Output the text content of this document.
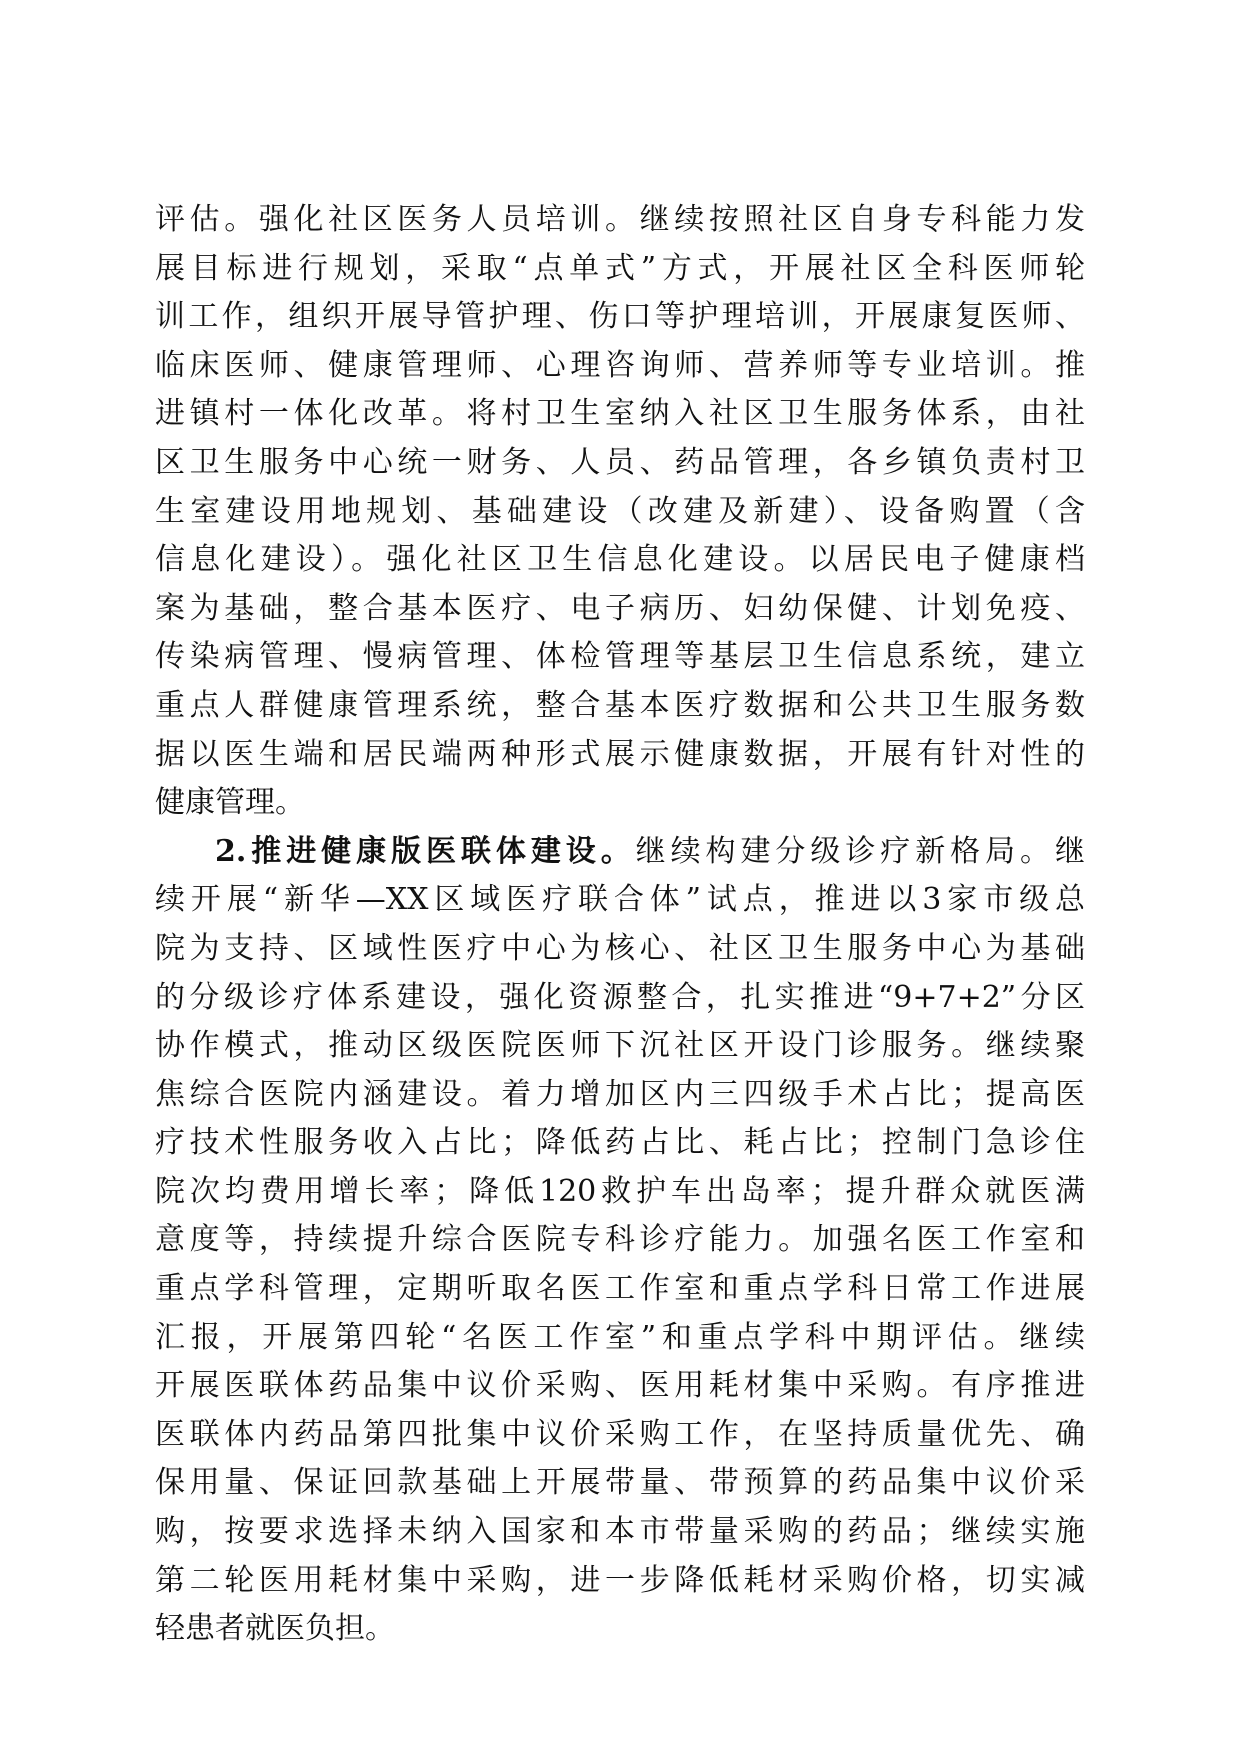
评估。强化社区医务人员培训。继续按照社区自身专科能力发
展目标进行规划，采取“点单式”方式，开展社区全科医师轮
训工作，组织开展导管护理、伤口等护理培训，开展康复医师、
临床医师、健康管理师、心理咨询师、营养师等专业培训。推
进镇村一体化改革。将村卫生室纳入社区卫生服务体系，由社
区卫生服务中心统一财务、人员、药品管理，各乡镇负责村卫
生室建设用地规划、基础建设（改建及新建）、设备购置（含
信息化建设）。强化社区卫生信息化建设。以居民电子健康档
案为基础，整合基本医疗、电子病历、妇幼保健、计划免疫、
传染病管理、慢病管理、体检管理等基层卫生信息系统，建立
重点人群健康管理系统，整合基本医疗数据和公共卫生服务数
据以医生端和居民端两种形式展示健康数据，开展有针对性的
健康管理。
2.推进健康版医联体建设。继续构建分级诊疗新格局。继
续开展“新华—XX区域医疗联合体”试点，推进以3家市级总
院为支持、区域性医疗中心为核心、社区卫生服务中心为基础
的分级诊疗体系建设，强化资源整合，扎实推进“9+7+2”分区
协作模式，推动区级医院医师下沉社区开设门诊服务。继续聚
焦综合医院内涵建设。着力增加区内三四级手术占比；提高医
疗技术性服务收入占比；降低药占比、耗占比；控制门急诊住
院次均费用增长率；降低120救护车出岛率；提升群众就医满
意度等，持续提升综合医院专科诊疗能力。加强名医工作室和
重点学科管理，定期听取名医工作室和重点学科日常工作进展
汇报，开展第四轮“名医工作室”和重点学科中期评估。继续
开展医联体药品集中议价采购、医用耗材集中采购。有序推进
医联体内药品第四批集中议价采购工作，在坚持质量优先、确
保用量、保证回款基础上开展带量、带预算的药品集中议价采
购，按要求选择未纳入国家和本市带量采购的药品；继续实施
第二轮医用耗材集中采购，进一步降低耗材采购价格，切实减
轻患者就医负担。
